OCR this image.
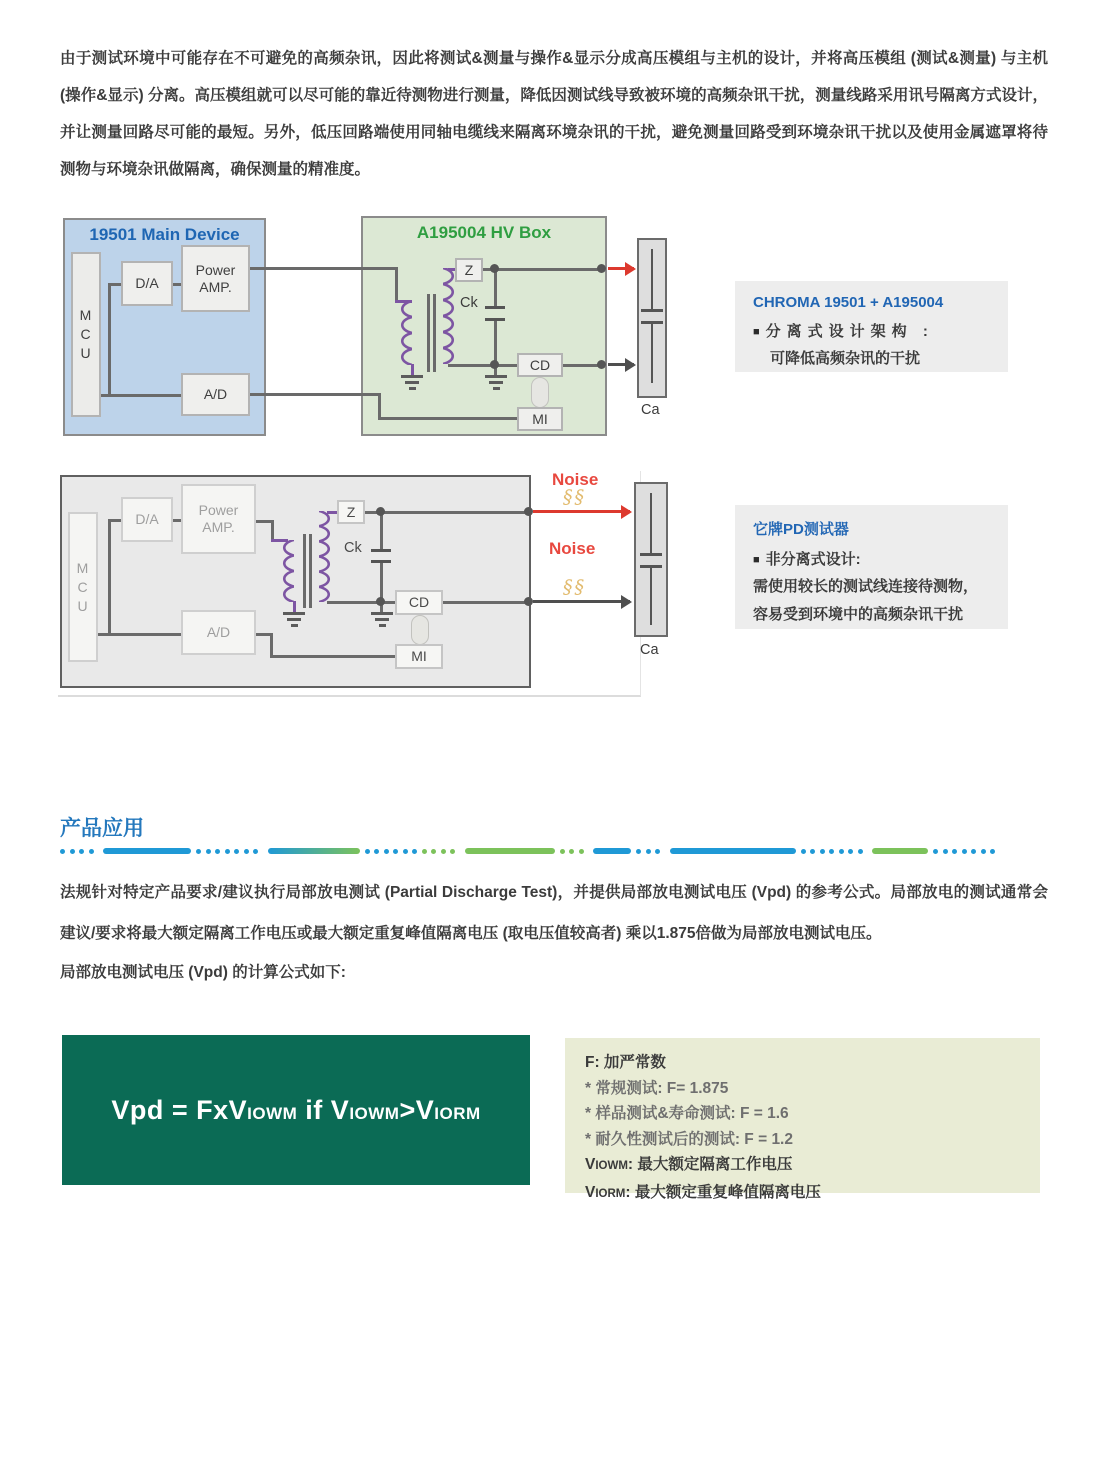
由于测试环境中可能存在不可避免的高频杂讯，因此将测试&测量与操作&显示分成高压模组与主机的设计，并将高压模组 (测试&测量) 与主机 (操作&显示) 分离。高压模组就可以尽可能的靠近待测物进行测量，降低因测试线导致被环境的高频杂讯干扰，测量线路采用讯号隔离方式设计，并让测量回路尽可能的最短。另外，低压回路端使用同轴电缆线来隔离环境杂讯的干扰，避免测量回路受到环境杂讯干扰以及使用金属遮罩将待测物与环境杂讯做隔离，确保测量的精准度。
19501 Main Device	A195004 HV Box
MCU
D/A
Power
AMP.
A/D
Z
Ck
CD
MI
Ca
CHROMA 19501 + A195004
■ 分离式设计架构 :
可降低高频杂讯的干扰
MCU
D/A
Power
AMP.
A/D
Z
Ck
CD
MI
Noise
§§
Noise
§§
Ca
它牌PD测试器
■ 非分离式设计:
需使用较长的测试线连接待测物，
容易受到环境中的高频杂讯干扰
产品应用
法规针对特定产品要求/建议执行局部放电测试 (Partial Discharge Test)，并提供局部放电测试电压 (Vpd) 的参考公式。局部放电的测试通常会建议/要求将最大额定隔离工作电压或最大额定重复峰值隔离电压 (取电压值较高者) 乘以1.875倍做为局部放电测试电压。
局部放电测试电压 (Vpd) 的计算公式如下:
Vpd = FxVIOWM if VIOWM>VIORM
F: 加严常数
* 常规测试: F= 1.875
* 样品测试&寿命测试: F = 1.6
* 耐久性测试后的测试: F = 1.2
VIOWM: 最大额定隔离工作电压
VIORM: 最大额定重复峰值隔离电压
